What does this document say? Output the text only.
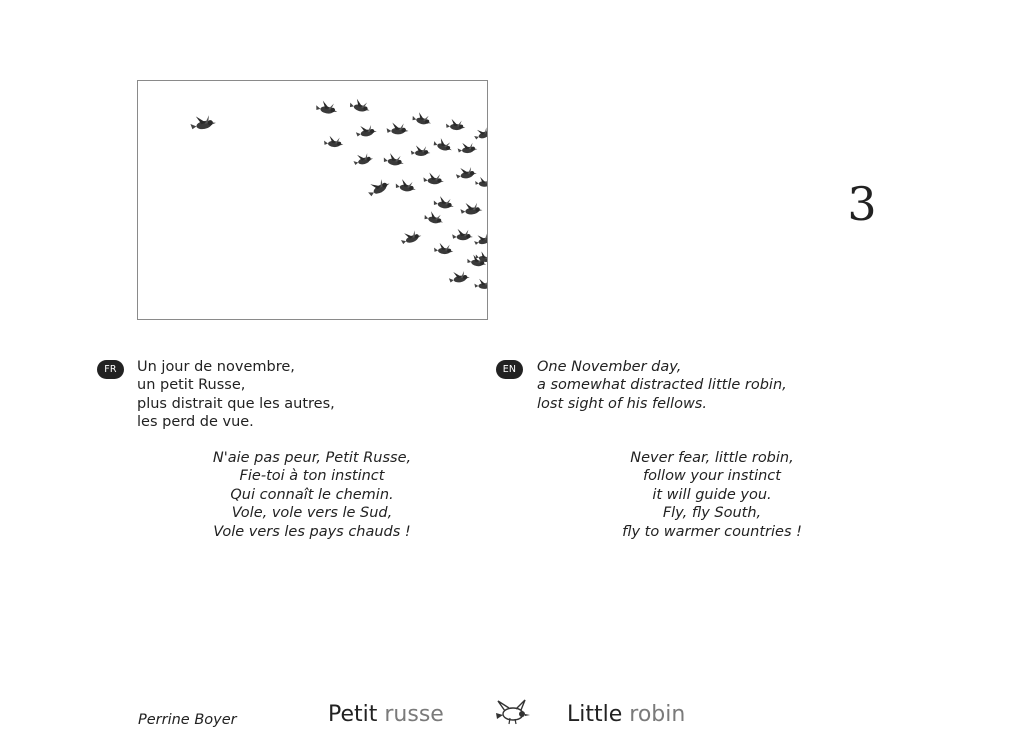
3
FR	Un jour de novembre,
un petit Russe,
plus distrait que les autres,
les perd de vue.
N'aie pas peur, Petit Russe,
Fie-toi à ton instinct
Qui connaît le chemin.
Vole, vole vers le Sud,
Vole vers les pays chauds !
EN	One November day,
a somewhat distracted little robin,
lost sight of his fellows.
Never fear, little robin,
follow your instinct
it will guide you.
Fly, fly South,
fly to warmer countries !
Perrine Boyer	Petit russe	Little robin
